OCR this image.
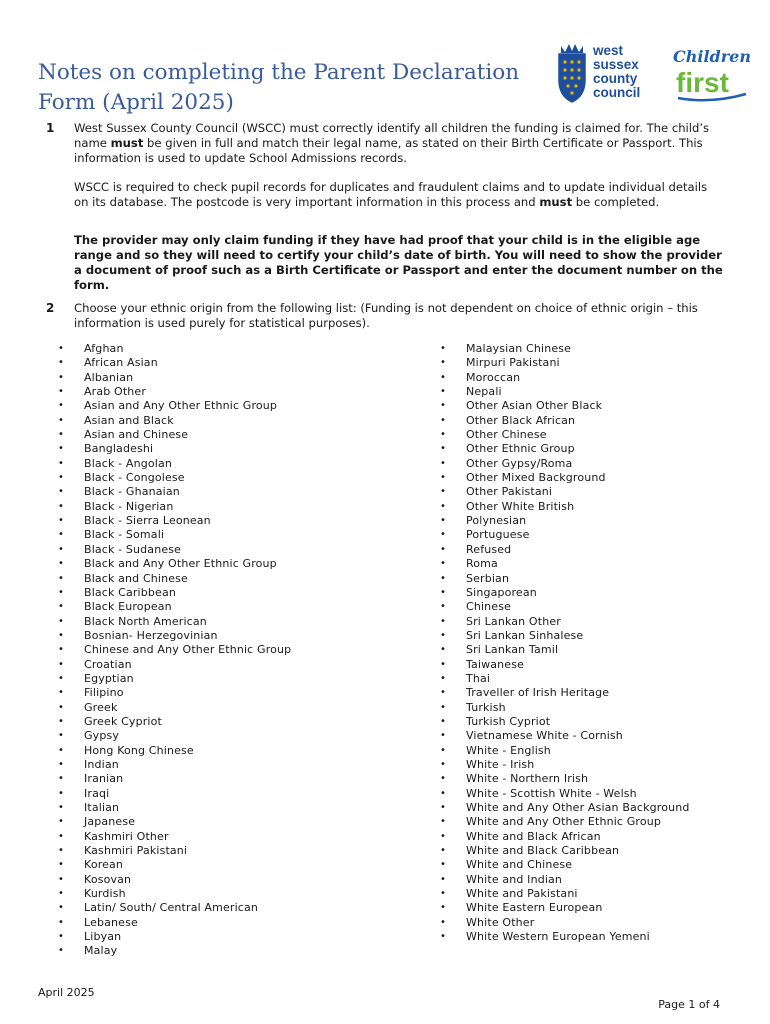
Notes on completing the Parent Declaration Form (April 2025)
west
sussex
county
council
Children
first
1 West Sussex County Council (WSCC) must correctly identify all children the funding is claimed for. The child’s name must be given in full and match their legal name, as stated on their Birth Certificate or Passport. This information is used to update School Admissions records.
WSCC is required to check pupil records for duplicates and fraudulent claims and to update individual details on its database. The postcode is very important information in this process and must be completed.
The provider may only claim funding if they have had proof that your child is in the eligible age range and so they will need to certify your child’s date of birth. You will need to show the provider a document of proof such as a Birth Certificate or Passport and enter the document number on the form.
2 Choose your ethnic origin from the following list: (Funding is not dependent on choice of ethnic origin – this information is used purely for statistical purposes).
• Afghan
• African Asian
• Albanian
• Arab Other
• Asian and Any Other Ethnic Group
• Asian and Black
• Asian and Chinese
• Bangladeshi
• Black - Angolan
• Black - Congolese
• Black - Ghanaian
• Black - Nigerian
• Black - Sierra Leonean
• Black - Somali
• Black - Sudanese
• Black and Any Other Ethnic Group
• Black and Chinese
• Black Caribbean
• Black European
• Black North American
• Bosnian- Herzegovinian
• Chinese and Any Other Ethnic Group
• Croatian
• Egyptian
• Filipino
• Greek
• Greek Cypriot
• Gypsy
• Hong Kong Chinese
• Indian
• Iranian
• Iraqi
• Italian
• Japanese
• Kashmiri Other
• Kashmiri Pakistani
• Korean
• Kosovan
• Kurdish
• Latin/ South/ Central American
• Lebanese
• Libyan
• Malay
• Malaysian Chinese
• Mirpuri Pakistani
• Moroccan
• Nepali
• Other Asian Other Black
• Other Black African
• Other Chinese
• Other Ethnic Group
• Other Gypsy/Roma
• Other Mixed Background
• Other Pakistani
• Other White British
• Polynesian
• Portuguese
• Refused
• Roma
• Serbian
• Singaporean
• Chinese
• Sri Lankan Other
• Sri Lankan Sinhalese
• Sri Lankan Tamil
• Taiwanese
• Thai
• Traveller of Irish Heritage
• Turkish
• Turkish Cypriot
• Vietnamese White - Cornish
• White - English
• White - Irish
• White - Northern Irish
• White - Scottish White - Welsh
• White and Any Other Asian Background
• White and Any Other Ethnic Group
• White and Black African
• White and Black Caribbean
• White and Chinese
• White and Indian
• White and Pakistani
• White Eastern European
• White Other
• White Western European Yemeni
April 2025
Page 1 of 4
